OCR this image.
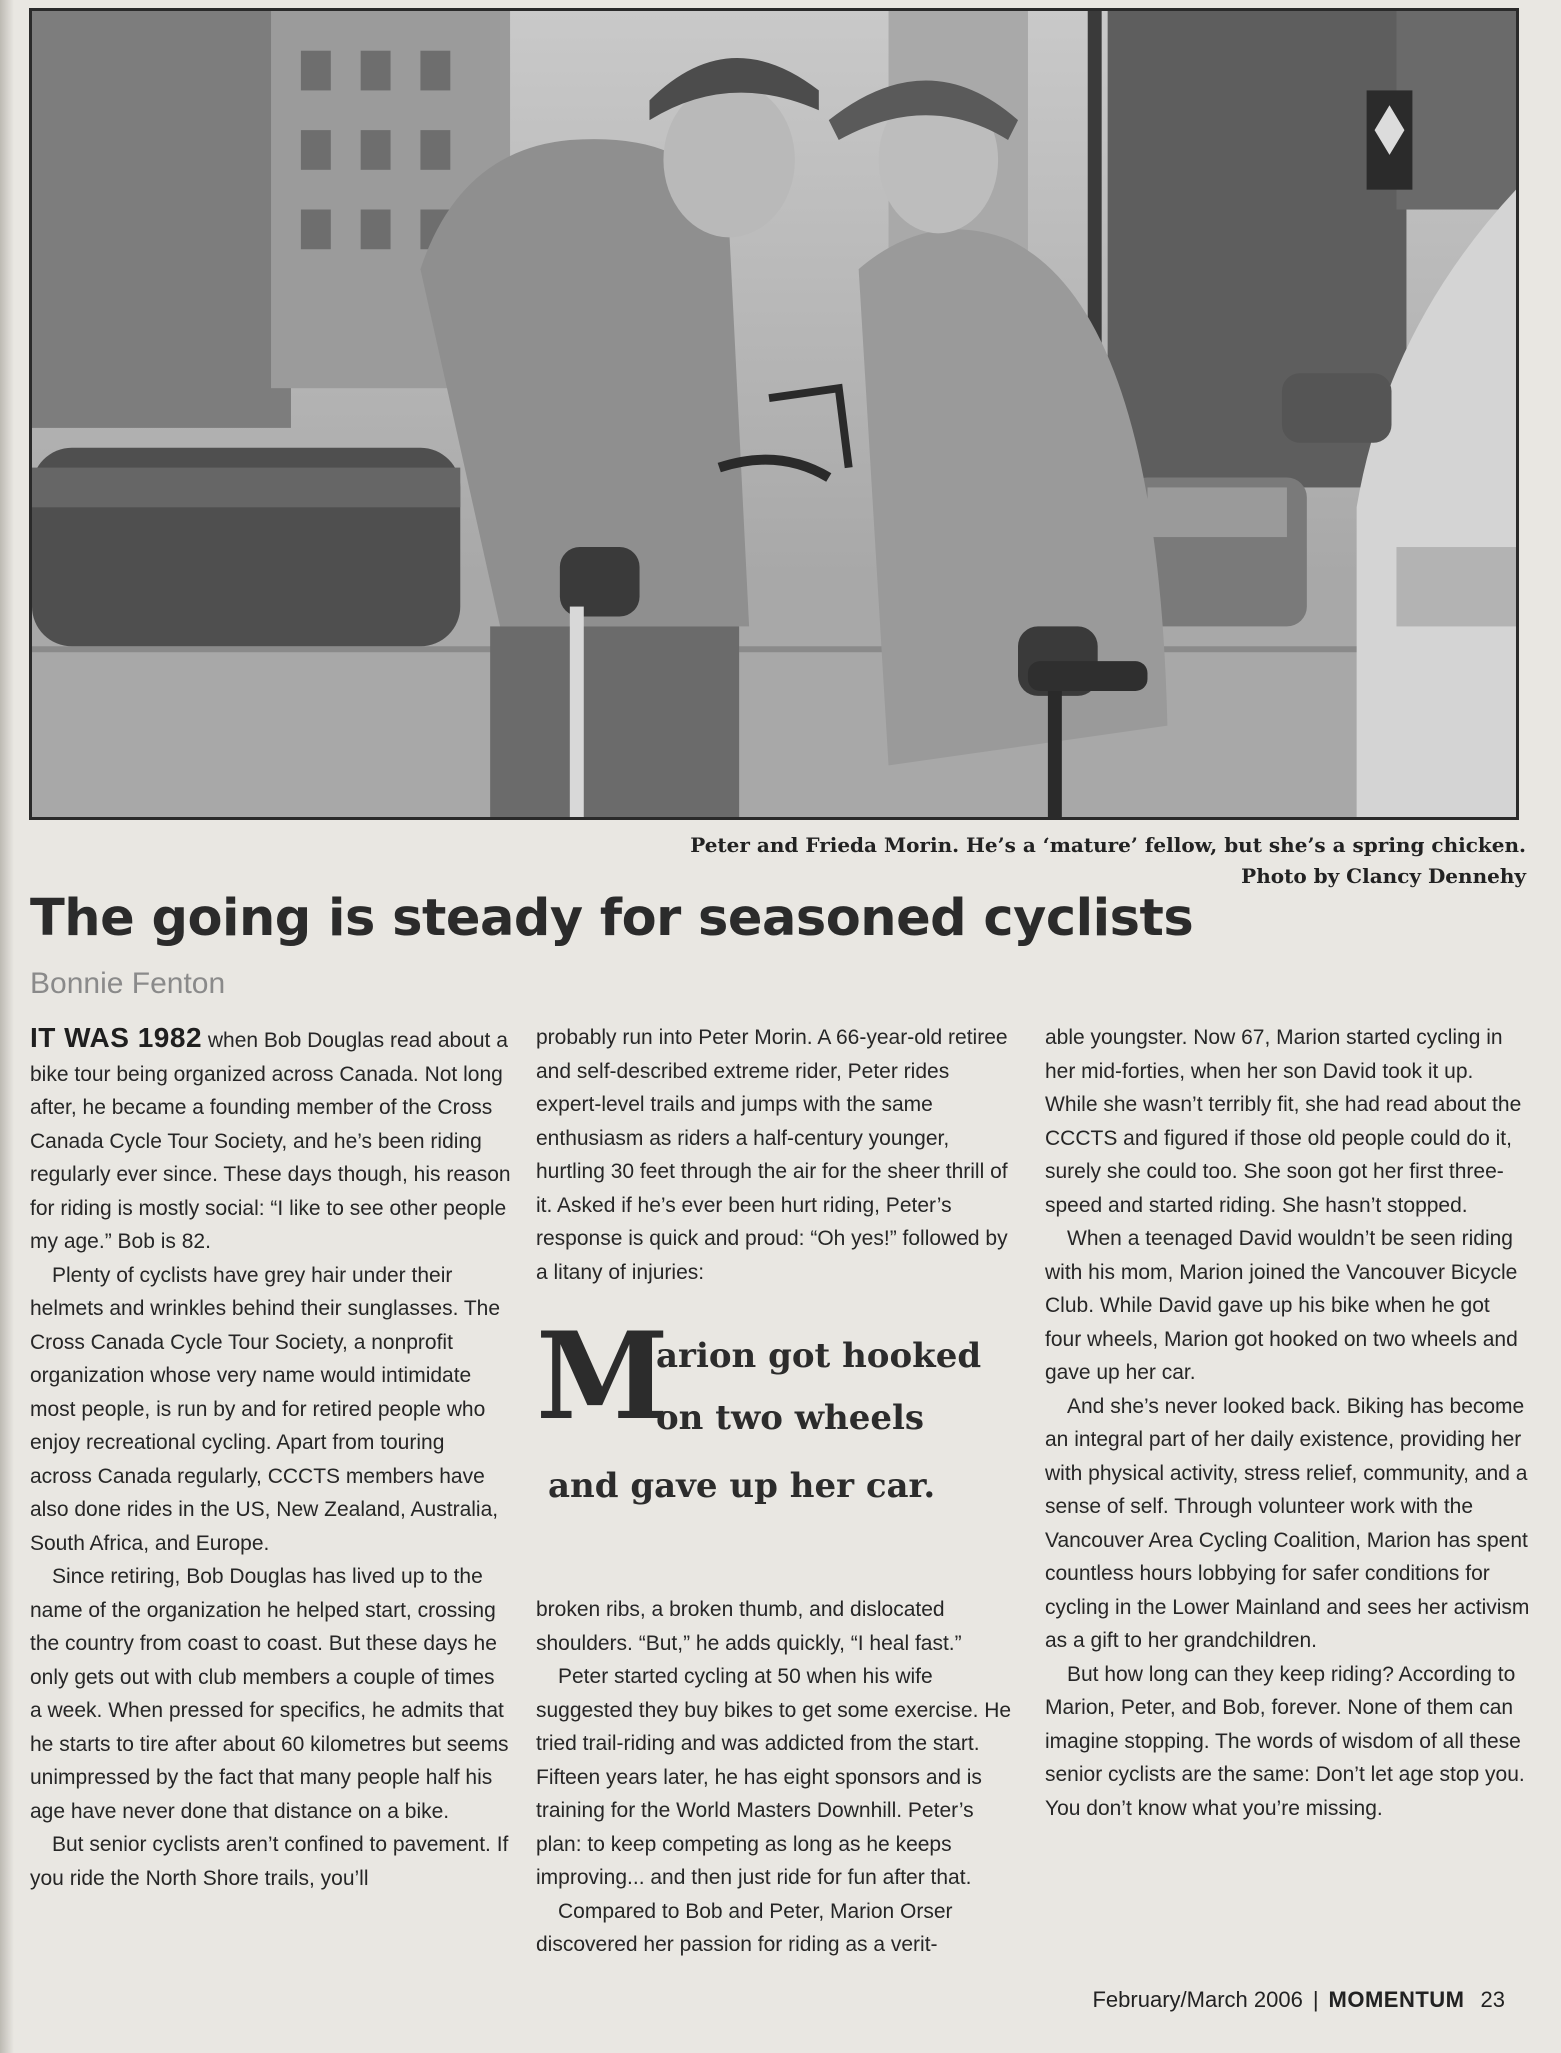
Peter and Frieda Morin. He’s a ‘mature’ fellow, but she’s a spring chicken.
Photo by Clancy Dennehy
The going is steady for seasoned cyclists
Bonnie Fenton

IT WAS 1982 when Bob Douglas read about a bike tour being organized across Canada. Not long after, he became a founding member of the Cross Canada Cycle Tour Society, and he’s been riding regularly ever since. These days though, his reason for riding is mostly social: “I like to see other people my age.” Bob is 82.

Plenty of cyclists have grey hair under their helmets and wrinkles behind their sunglasses. The Cross Canada Cycle Tour Society, a nonprofit organization whose very name would intimidate most people, is run by and for retired people who enjoy recreational cycling. Apart from touring across Canada regularly, CCCTS members have also done rides in the US, New Zealand, Australia, South Africa, and Europe.

Since retiring, Bob Douglas has lived up to the name of the organization he helped start, crossing the country from coast to coast. But these days he only gets out with club members a couple of times a week. When pressed for specifics, he admits that he starts to tire after about 60 kilometres but seems unimpressed by the fact that many people half his age have never done that distance on a bike.

But senior cyclists aren’t confined to pavement. If you ride the North Shore trails, you’ll

probably run into Peter Morin. A 66-year-old retiree and self-described extreme rider, Peter rides expert-level trails and jumps with the same enthusiasm as riders a half-century younger, hurtling 30 feet through the air for the sheer thrill of it. Asked if he’s ever been hurt riding, Peter’s response is quick and proud: “Oh yes!” followed by a litany of injuries:

M
arion got hooked
on two wheels
and gave up her car.

broken ribs, a broken thumb, and dislocated shoulders. “But,” he adds quickly, “I heal fast.”

Peter started cycling at 50 when his wife suggested they buy bikes to get some exercise. He tried trail-riding and was addicted from the start. Fifteen years later, he has eight sponsors and is training for the World Masters Downhill. Peter’s plan: to keep competing as long as he keeps improving... and then just ride for fun after that.

Compared to Bob and Peter, Marion Orser discovered her passion for riding as a verit-

able youngster. Now 67, Marion started cycling in her mid-forties, when her son David took it up. While she wasn’t terribly fit, she had read about the CCCTS and figured if those old people could do it, surely she could too. She soon got her first three-speed and started riding. She hasn’t stopped.

When a teenaged David wouldn’t be seen riding with his mom, Marion joined the Vancouver Bicycle Club. While David gave up his bike when he got four wheels, Marion got hooked on two wheels and gave up her car.

And she’s never looked back. Biking has become an integral part of her daily existence, providing her with physical activity, stress relief, community, and a sense of self. Through volunteer work with the Vancouver Area Cycling Coalition, Marion has spent countless hours lobbying for safer conditions for cycling in the Lower Mainland and sees her activism as a gift to her grandchildren.

But how long can they keep riding? According to Marion, Peter, and Bob, forever. None of them can imagine stopping. The words of wisdom of all these senior cyclists are the same: Don’t let age stop you. You don’t know what you’re missing.

February/March 2006 | MOMENTUM 23
